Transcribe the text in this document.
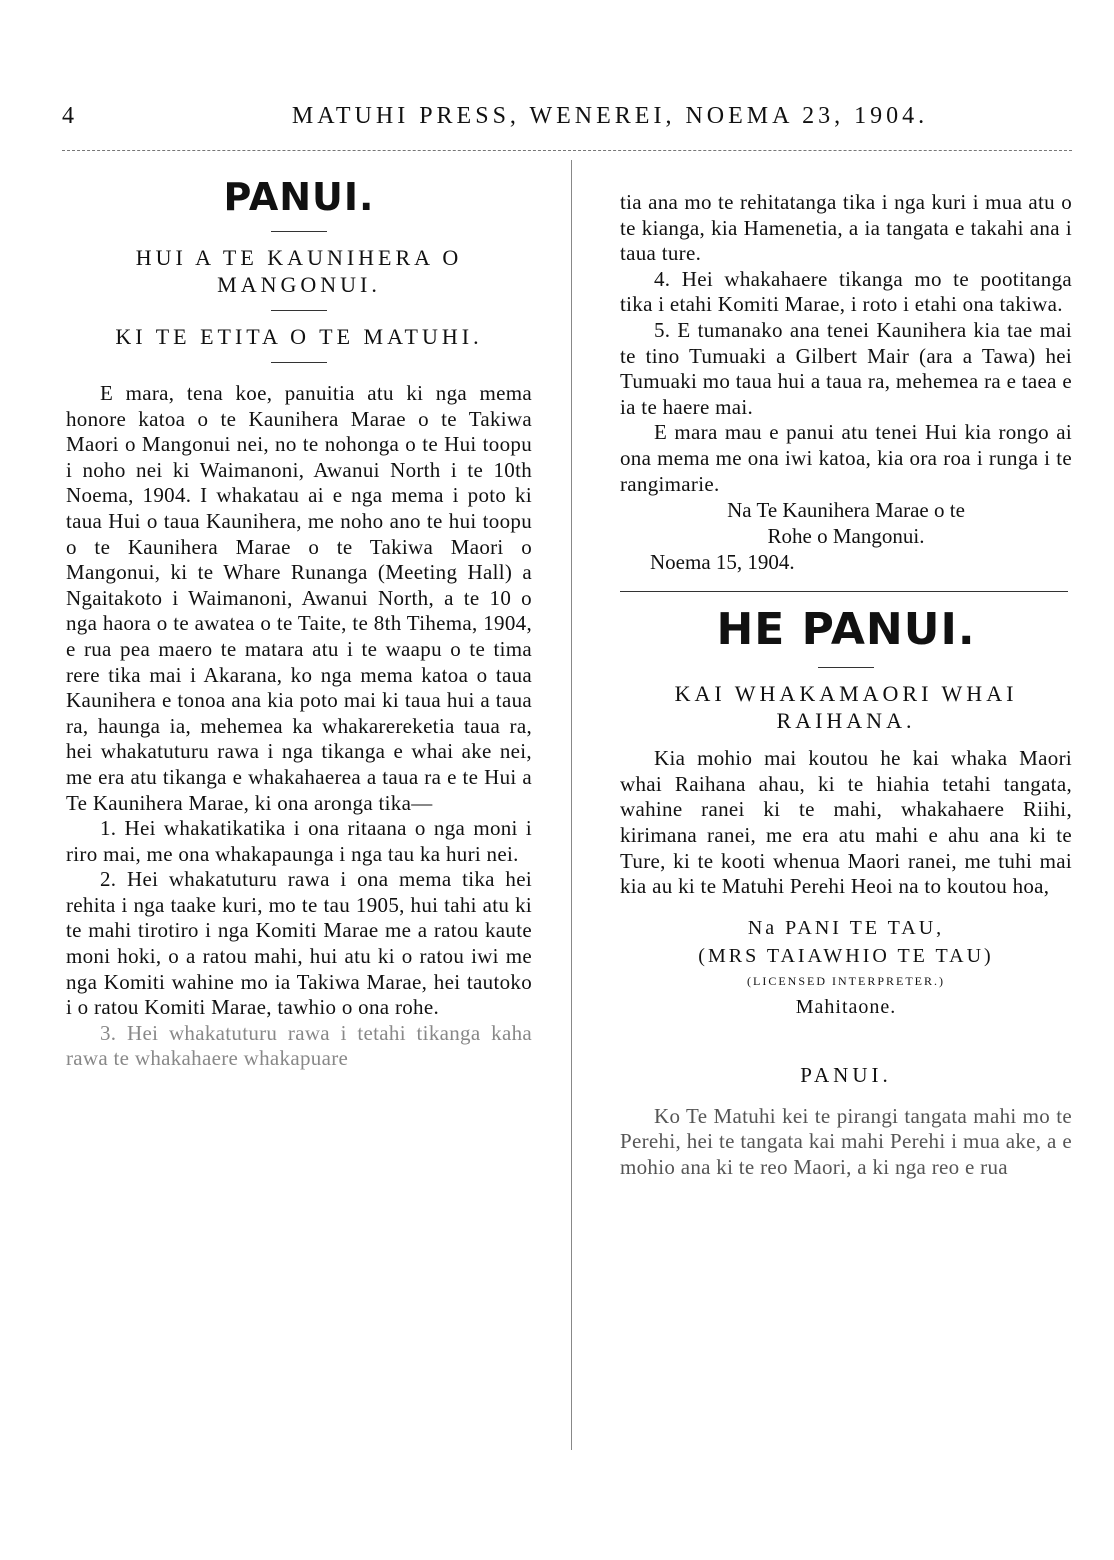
4	MATUHI PRESS, WENEREI, NOEMA 23, 1904.
PANUI.
HUI A TE KAUNIHERA O MANGONUI.
KI TE ETITA O TE MATUHI.

E mara, tena koe, panuitia atu ki nga mema honore katoa o te Kaunihera Marae o te Takiwa Maori o Mangonui nei, no te nohonga o te Hui toopu i noho nei ki Waimanoni, Awanui North i te 10th Noema, 1904. I whakatau ai e nga mema i poto ki taua Hui o taua Kaunihera, me noho ano te hui toopu o te Kaunihera Marae o te Takiwa Maori o Mangonui, ki te Whare Runanga (Meeting Hall) a Ngaitakoto i Waimanoni, Awanui North, a te 10 o nga haora o te awatea o te Taite, te 8th Tihema, 1904, e rua pea maero te matara atu i te waapu o te tima rere tika mai i Akarana, ko nga mema katoa o taua Kaunihera e tonoa ana kia poto mai ki taua hui a taua ra, haunga ia, mehemea ka whakarereketia taua ra, hei whakatuturu rawa i nga tikanga e whai ake nei, me era atu tikanga e whakahaerea a taua ra e te Hui a Te Kaunihera Marae, ki ona aronga tika—

1. Hei whakatikatika i ona ritaana o nga moni i riro mai, me ona whakapaunga i nga tau ka huri nei.

2. Hei whakatuturu rawa i ona mema tika hei rehita i nga taake kuri, mo te tau 1905, hui tahi atu ki te mahi tirotiro i nga Komiti Marae me a ratou kaute moni hoki, o a ratou mahi, hui atu ki o ratou iwi me nga Komiti wahine mo ia Takiwa Marae, hei tautoko i o ratou Komiti Marae, tawhio o ona rohe.

3. Hei whakatuturu rawa i tetahi tikanga kaha rawa te whakahaere whakapuare

tia ana mo te rehitatanga tika i nga kuri i mua atu o te kianga, kia Hamenetia, a ia tangata e takahi ana i taua ture.

4. Hei whakahaere tikanga mo te pootitanga tika i etahi Komiti Marae, i roto i etahi ona takiwa.

5. E tumanako ana tenei Kaunihera kia tae mai te tino Tumuaki a Gilbert Mair (ara a Tawa) hei Tumuaki mo taua hui a taua ra, mehemea ra e taea e ia te haere mai.

E mara mau e panui atu tenei Hui kia rongo ai ona mema me ona iwi katoa, kia ora roa i runga i te rangimarie.

Na Te Kaunihera Marae o te

Rohe o Mangonui.

Noema 15, 1904.

HE PANUI.
KAI WHAKAMAORI WHAI RAIHANA.

Kia mohio mai koutou he kai whaka Maori whai Raihana ahau, ki te hiahia tetahi tangata, wahine ranei ki te mahi, whakahaere Riihi, kirimana ranei, me era atu mahi e ahu ana ki te Ture, ki te kooti whenua Maori ranei, me tuhi mai kia au ki te Matuhi Perehi Heoi na to koutou hoa,

Na PANI TE TAU,

(MRS TAIAWHIO TE TAU)

(LICENSED INTERPRETER.)

Mahitaone.

PANUI.

Ko Te Matuhi kei te pirangi tangata mahi mo te Perehi, hei te tangata kai mahi Perehi i mua ake, a e mohio ana ki te reo Maori, a ki nga reo e rua
